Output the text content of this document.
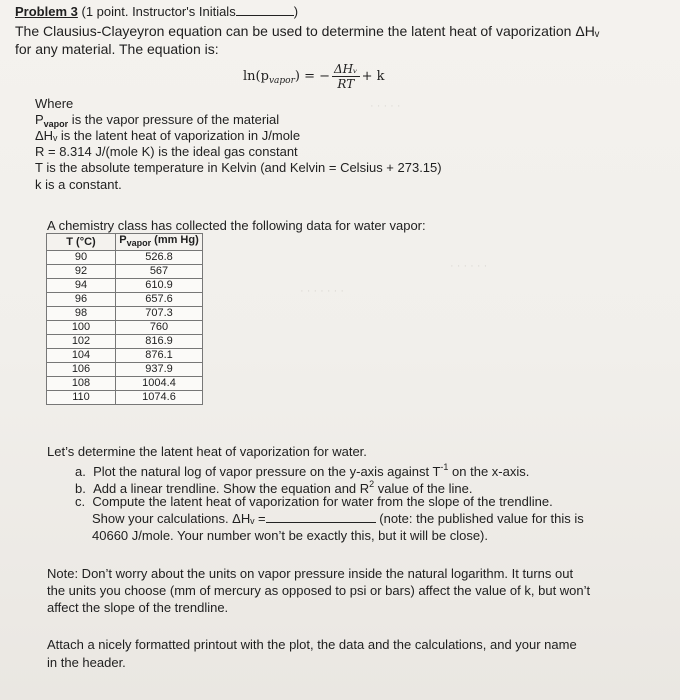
· · · · ·
· · · · · ·
· · · · · · ·
Problem 3 (1 point. Instructor's Initials	)
The Clausius-Clayeyron equation can be used to determine the latent heat of vaporization ΔHᵥ
for any material. The equation is:
$\ln(p_{vapor})$ = − $\frac{\text{ΔHᵥ}}{RT} + k$
Where
$P_{vapor}$ is the vapor pressure of the material
ΔHᵥ is the latent heat of vaporization in J/mole
R = 8.314 J/(mole K) is the ideal gas constant
T is the absolute temperature in Kelvin (and Kelvin = Celsius + 273.15)
k is a constant.
A chemistry class has collected the following data for water vapor:
T (°C)	$P_{vapor}$ (mm Hg)
90	526.8
92	567
94	610.9
96	657.6
98	707.3
100	760
102	816.9
104	876.1
106	937.9
108	1004.4
110	1074.6
Let’s determine the latent heat of vaporization for water.
a. Plot the natural log of vapor pressure on the y-axis against $T^{-1}$ on the x-axis.
b. Add a linear trendline. Show the equation and $R^2$ value of the line.
c. Compute the latent heat of vaporization for water from the slope of the trendline.
Show your calculations. ΔHᵥ =	(note: the published value for this is
40660 J/mole. Your number won’t be exactly this, but it will be close).
Note: Don’t worry about the units on vapor pressure inside the natural logarithm. It turns out
the units you choose (mm of mercury as opposed to psi or bars) affect the value of k, but won’t
affect the slope of the trendline.
Attach a nicely formatted printout with the plot, the data and the calculations, and your name
in the header.
